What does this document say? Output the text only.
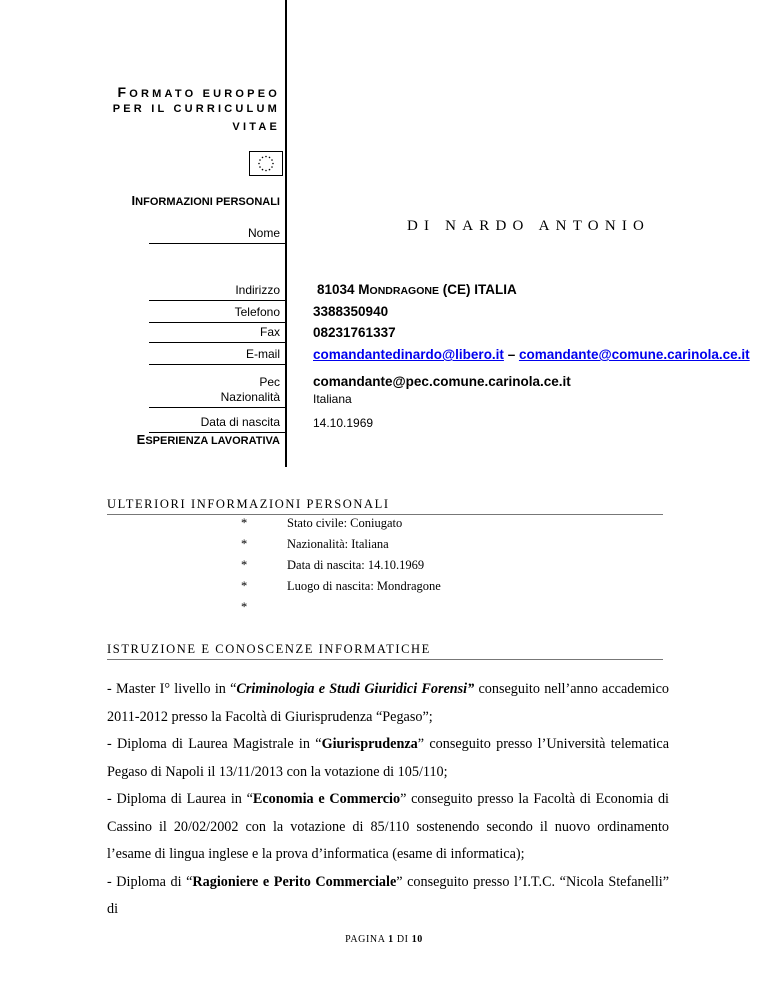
FORMATO EUROPEO
PER IL CURRICULUM
VITAE
INFORMAZIONI PERSONALI
Nome	DI NARDO ANTONIO
Indirizzo	81034 MONDRAGONE (CE) ITALIA
Telefono 3388350940
Fax 08231761337
E-mail comandantedinardo@libero.it – comandante@comune.carinola.ce.it
Pec comandante@pec.comune.carinola.ce.it
Nazionalità	Italiana
Data di nascita	14.10.1969
ESPERIENZA LAVORATIVA
ULTERIORI INFORMAZIONI PERSONALI
*	Stato civile: Coniugato
*	Nazionalità: Italiana
*	Data di nascita: 14.10.1969
*	Luogo di nascita: Mondragone
*
ISTRUZIONE E CONOSCENZE INFORMATICHE

- Master I° livello in “Criminologia e Studi Giuridici Forensi” conseguito nell’anno accademico 2011-2012 presso la Facoltà di Giurisprudenza “Pegaso”;

- Diploma di Laurea Magistrale in “Giurisprudenza” conseguito presso l’Università telematica Pegaso di Napoli il 13/11/2013 con la votazione di 105/110;

- Diploma di Laurea in “Economia e Commercio” conseguito presso la Facoltà di Economia di Cassino il 20/02/2002 con la votazione di 85/110 sostenendo secondo il nuovo ordinamento l’esame di lingua inglese e la prova d’informatica (esame di informatica);

- Diploma di “Ragioniere e Perito Commerciale” conseguito presso l’I.T.C. “Nicola Stefanelli” di

PAGINA 1 DI 10
